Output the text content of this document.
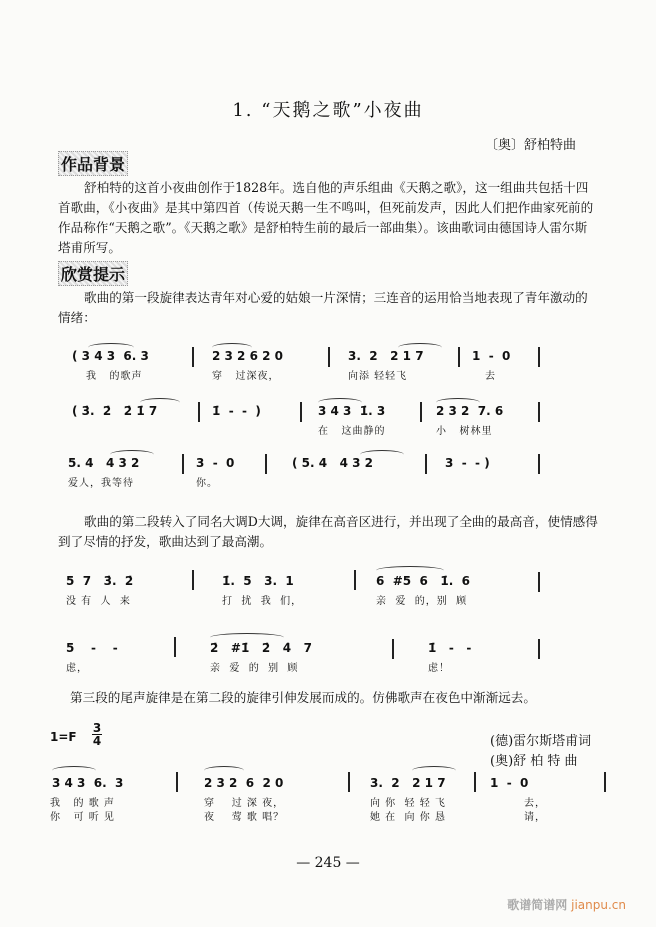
1. “天鹅之歌”小夜曲
〔奥〕舒柏特曲
作品背景
舒柏特的这首小夜曲创作于1828年。选自他的声乐组曲《天鹅之歌》，这一组曲共包括十四首歌曲，《小夜曲》是其中第四首（传说天鹅一生不鸣叫，但死前发声，因此人们把作曲家死前的作品称作“天鹅之歌”。《天鹅之歌》是舒柏特生前的最后一部曲集）。该曲歌词由德国诗人雷尔斯塔甫所写。
欣赏提示
歌曲的第一段旋律表达青年对心爱的姑娘一片深情；三连音的运用恰当地表现了青年激动的情绪：
( 3 4 3  6. 3
我   的歌声
2 3 2 6 2 0
穿   过深夜，
3.  2   2 1 7
向添 轻轻飞
1  -  0
去
( 3̇.  2̇   2̇ 1̇ 7	1̇  -  -  )	3 4 3  1̇. 3
在   这曲静的
2 3 2  7. 6
小   树林里
5. 4   4 3 2
爱人，我等待
3  -  0
你。
( 5. 4   4 3 2	3  -  - )
歌曲的第二段转入了同名大调D大调，旋律在高音区进行，并出现了全曲的最高音，使情感得到了尽情的抒发，歌曲达到了最高潮。
5  7   3̇.  2̇
没 有  人  来
1̇.  5   3.  1
打  扰  我  们，
6  #5  6   1̇.  6
亲  爱  的，别  顾
5    -    -
虑，
2̇   #1̇   2̇   4̇   7
亲  爱  的  别  顾
1̇   -   -
虑！
第三段的尾声旋律是在第二段的旋律引伸发展而成的。仿佛歌声在夜色中渐渐远去。
1=F
3
4	(德)雷尔斯塔甫词
(奥)舒 柏 特 曲
3 4 3  6.  3
我   的 歌 声
你   可 听 见
2 3 2  6  2 0
穿    过 深 夜，
夜    莺 歌 唱？
3.  2   2 1 7
向 你  轻 轻 飞
她 在  向 你 恳
1  -  0
去，
请，
— 245 —
歌谱简谱网 jianpu.cn
